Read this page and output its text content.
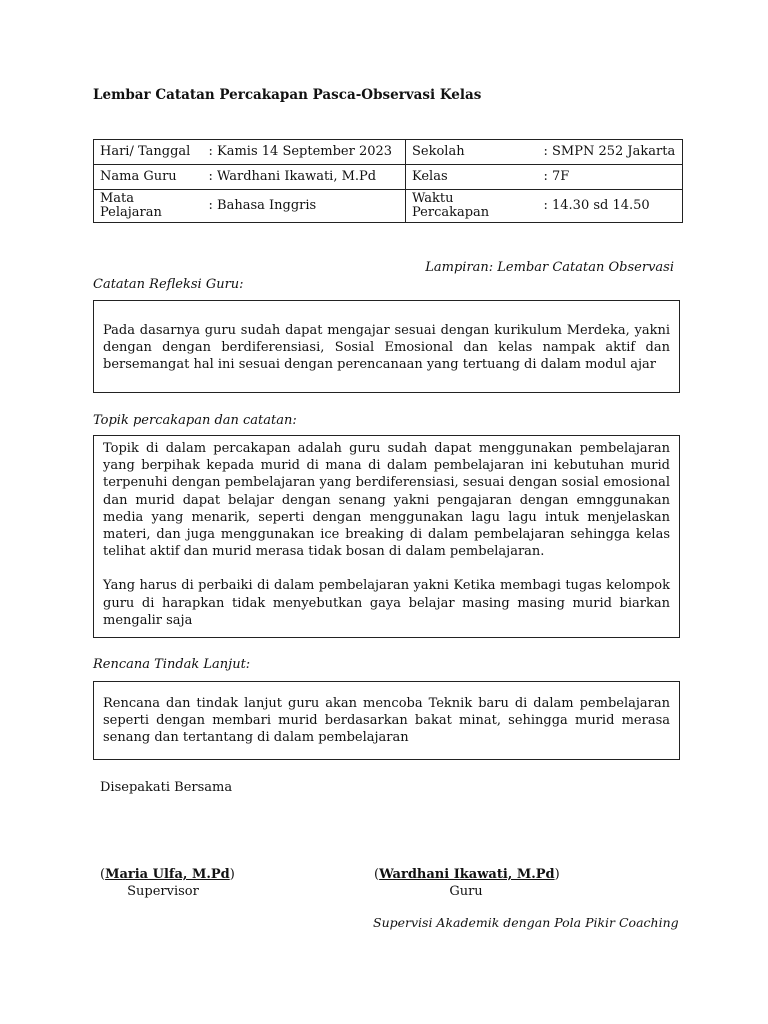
Lembar Catatan Percakapan Pasca-Observasi Kelas
Hari/ Tanggal	: Kamis 14 September 2023	Sekolah	: SMPN 252 Jakarta
Nama Guru	: Wardhani Ikawati, M.Pd	Kelas	: 7F
Mata Pelajaran	: Bahasa Inggris	Waktu Percakapan	: 14.30 sd 14.50
Lampiran: Lembar Catatan Observasi
Catatan Refleksi Guru:

Pada dasarnya guru sudah dapat mengajar sesuai dengan kurikulum Merdeka, yakni dengan dengan berdiferensiasi, Sosial Emosional dan kelas nampak aktif dan bersemangat hal ini sesuai dengan perencanaan yang tertuang di dalam modul ajar

Topik percakapan dan catatan:

Topik di dalam percakapan adalah guru sudah dapat menggunakan pembelajaran yang berpihak kepada murid di mana di dalam pembelajaran ini kebutuhan murid terpenuhi dengan pembelajaran yang berdiferensiasi, sesuai dengan sosial emosional dan murid dapat belajar dengan senang yakni pengajaran dengan emnggunakan media yang menarik, seperti dengan menggunakan lagu lagu intuk menjelaskan materi, dan juga menggunakan ice breaking di dalam pembelajaran sehingga kelas telihat aktif dan murid merasa tidak bosan di dalam pembelajaran.

Yang harus di perbaiki di dalam pembelajaran yakni Ketika membagi tugas kelompok guru di harapkan tidak menyebutkan gaya belajar masing masing murid biarkan mengalir saja

Rencana Tindak Lanjut:

Rencana dan tindak lanjut guru akan mencoba Teknik baru di dalam pembelajaran seperti dengan membari murid berdasarkan bakat minat, sehingga murid merasa senang dan tertantang di dalam pembelajaran

Disepakati Bersama
(Maria Ulfa, M.Pd)
Supervisor
(Wardhani Ikawati, M.Pd)
Guru
Supervisi Akademik dengan Pola Pikir Coaching
